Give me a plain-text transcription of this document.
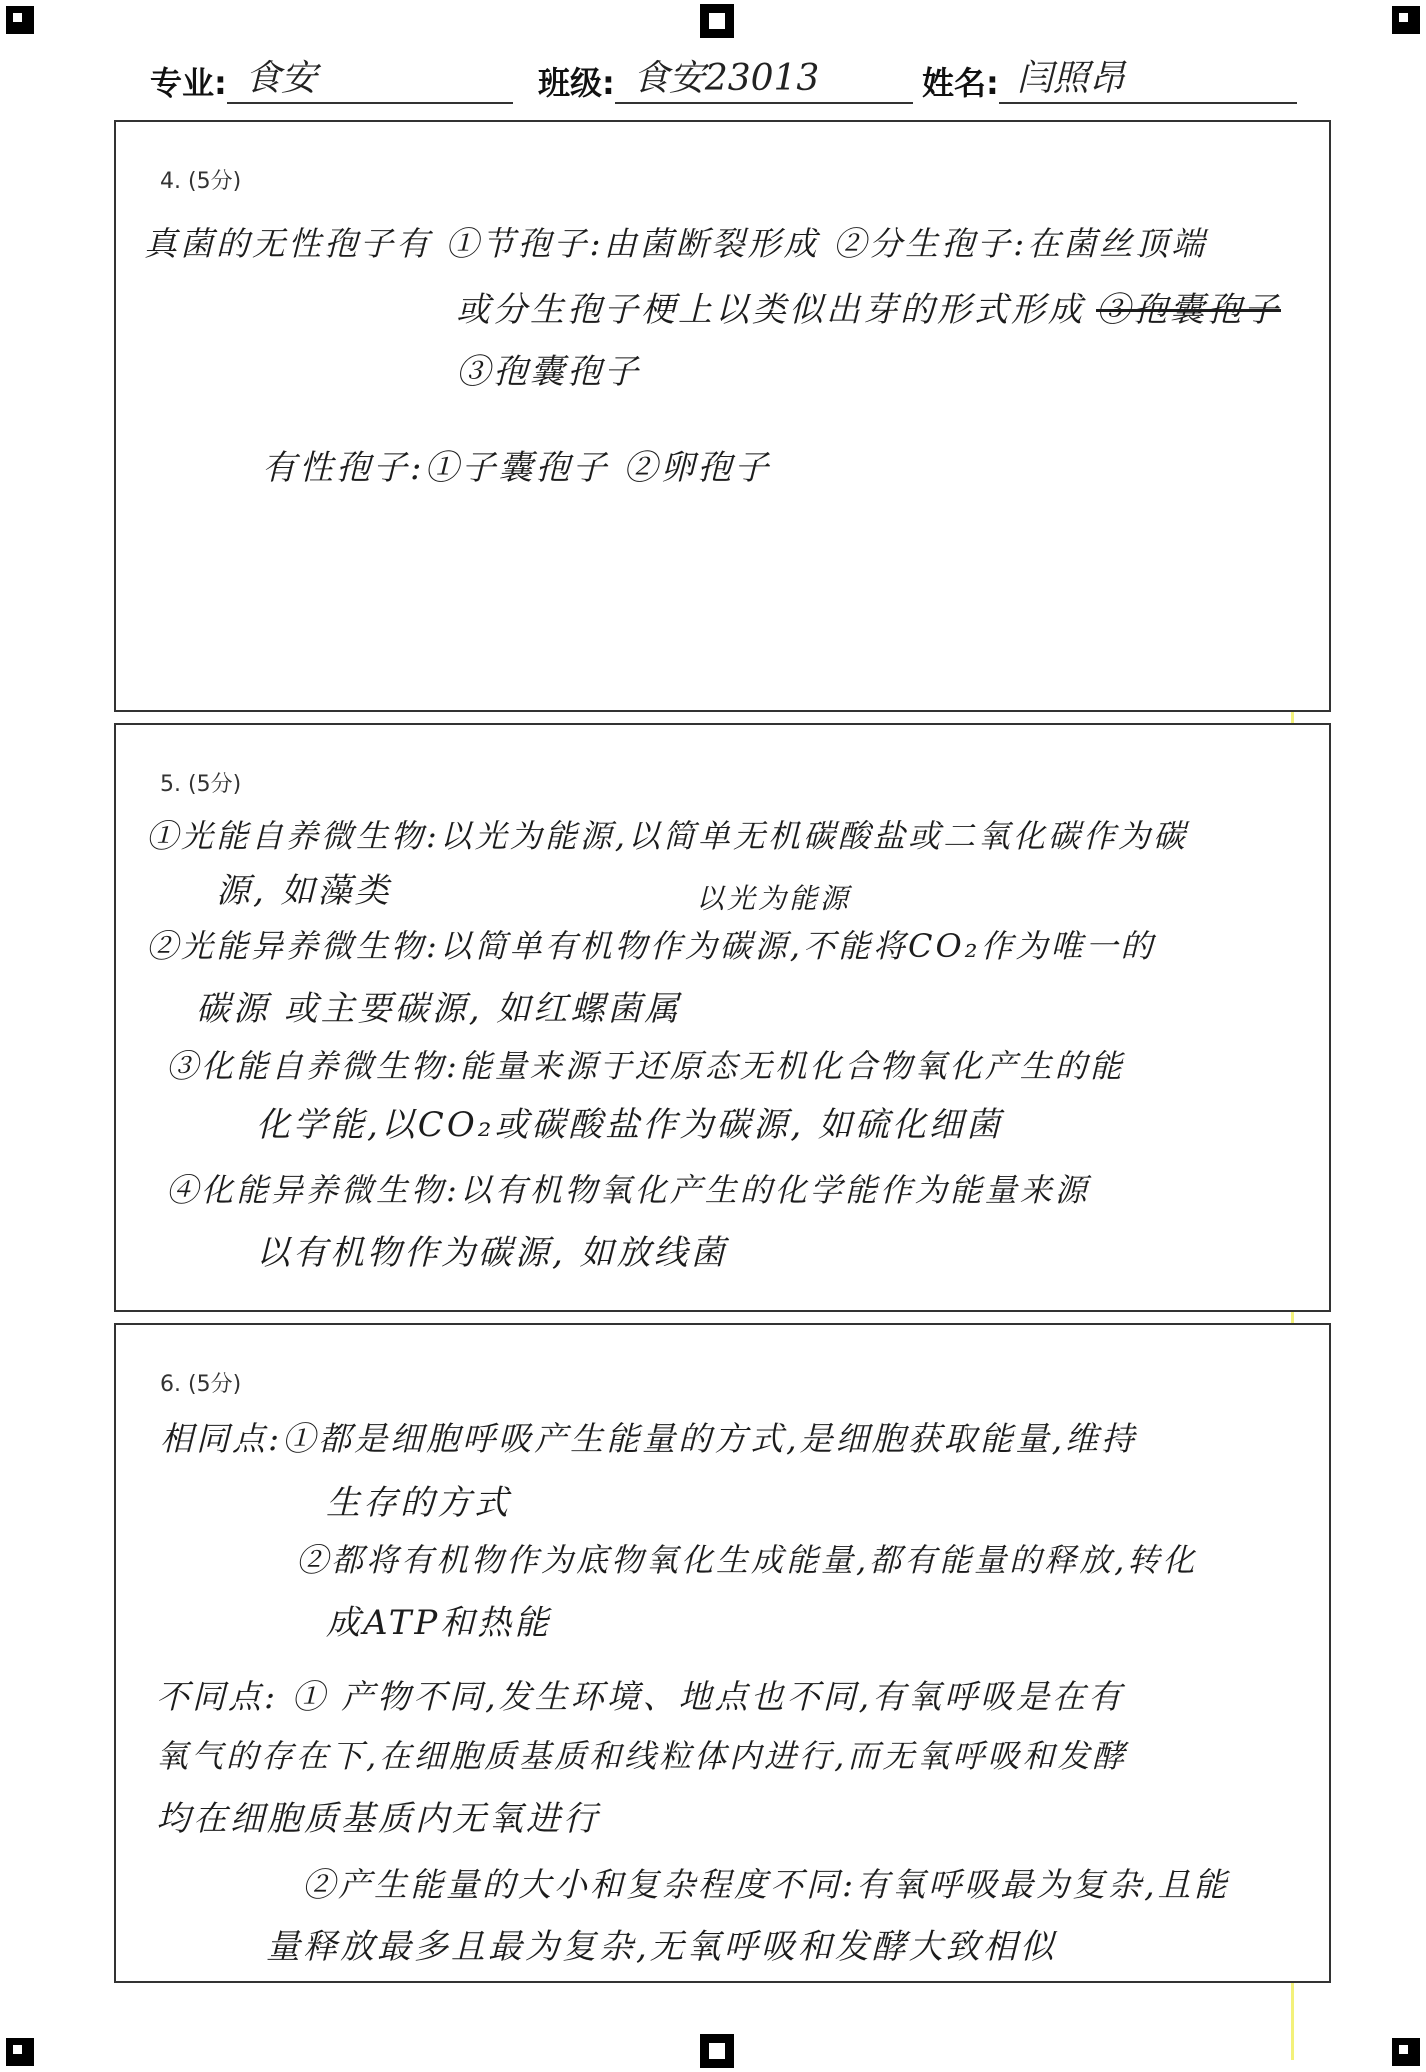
专业: 食安	班级: 食安23013	姓名: 闫照昂
4. (5分)
真菌的无性孢子有 ①节孢子:由菌断裂形成 ②分生孢子:在菌丝顶端
或分生孢子梗上以类似出芽的形式形成 ③孢囊孢子
③孢囊孢子
有性孢子:①子囊孢子 ②卵孢子
5. (5分)
①光能自养微生物:以光为能源,以简单无机碳酸盐或二氧化碳作为碳
源, 如藻类	以光为能源
②光能异养微生物:以简单有机物作为碳源,不能将CO₂作为唯一的
碳源 或主要碳源, 如红螺菌属
③化能自养微生物:能量来源于还原态无机化合物氧化产生的能
化学能,以CO₂或碳酸盐作为碳源, 如硫化细菌
④化能异养微生物:以有机物氧化产生的化学能作为能量来源
以有机物作为碳源, 如放线菌
6. (5分)
相同点:①都是细胞呼吸产生能量的方式,是细胞获取能量,维持
生存的方式
②都将有机物作为底物氧化生成能量,都有能量的释放,转化
成ATP和热能
不同点: ① 产物不同,发生环境、地点也不同,有氧呼吸是在有
氧气的存在下,在细胞质基质和线粒体内进行,而无氧呼吸和发酵
均在细胞质基质内无氧进行
②产生能量的大小和复杂程度不同:有氧呼吸最为复杂,且能
量释放最多且最为复杂,无氧呼吸和发酵大致相似
